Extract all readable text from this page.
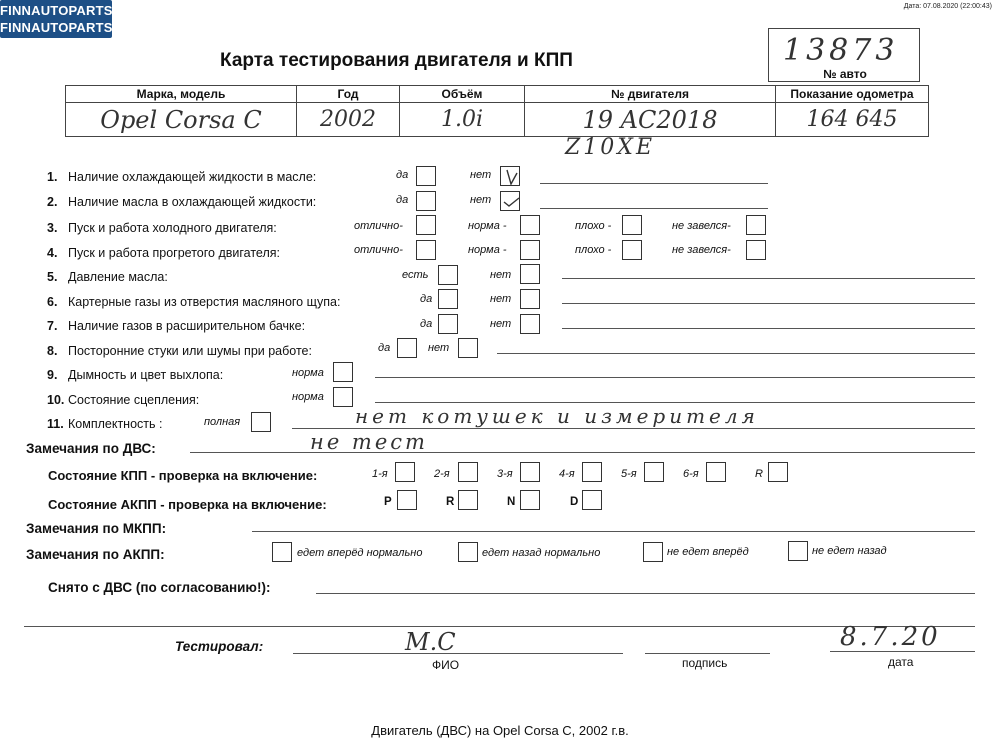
FINNAUTOPARTS
FINNAUTOPARTS
Дата: 07.08.2020 (22:00:43)
Карта тестирования двигателя и КПП	13873
№ авто
Марка, модель	Год	Объём	№ двигателя	Показание одометра
Opel Corsa C	2002	1.0i	19 AC2018	164 645
Z10XE
1. Наличие охлаждающей жидкости в масле:	да	нет
2. Наличие масла в охлаждающей жидкости:	да	нет
3. Пуск и работа холодного двигателя:	отлично-	норма -	плохо -	не завелся-
4. Пуск и работа прогретого двигателя:	отлично-	норма -	плохо -	не завелся-
5. Давление масла:	есть	нет
6. Картерные газы из отверстия масляного щупа:	да	нет
7. Наличие газов в расширительном бачке:	да	нет
8. Посторонние стуки или шумы при работе:	да	нет
9. Дымность и цвет выхлопа:	норма
10. Состояние сцепления:	норма
11. Комплектность :	полная	нет котушек и измерителя
Замечания по ДВС:	не тест
Состояние КПП - проверка на включение:	1-я	2-я	3-я	4-я	5-я	6-я	R
Состояние АКПП - проверка на включение:	P	R	N	D
Замечания по МКПП:
Замечания по АКПП:	едет вперёд нормально	едет назад нормально	не едет вперёд	не едет назад
Снято с ДВС (по согласованию!):
Тестировал:	М.С
ФИО	подпись
8.7.20
дата
Двигатель (ДВС) на Opel Corsa C, 2002 г.в.
